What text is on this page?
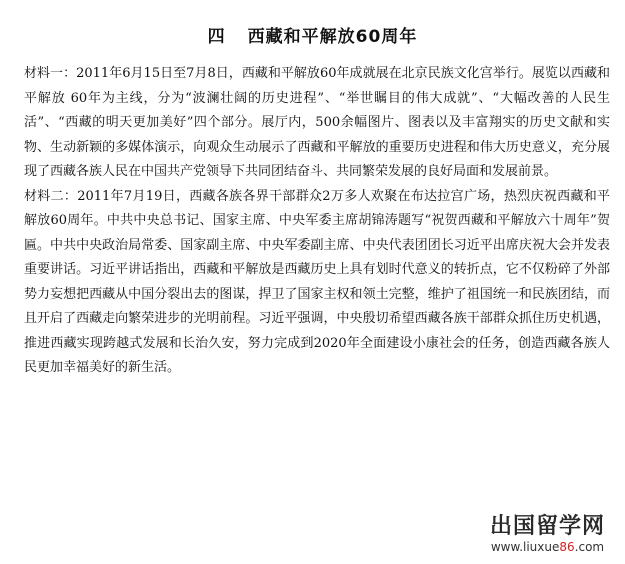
四 西藏和平解放60周年

材料一：2011年6月15日至7月8日，西藏和平解放60年成就展在北京民族文化宫举行。展览以西藏和平解放 60年为主线，分为“波澜壮阔的历史进程”、“举世瞩目的伟大成就”、“大幅改善的人民生活”、“西藏的明天更加美好”四个部分。展厅内，500余幅图片、图表以及丰富翔实的历史文献和实物、生动新颖的多媒体演示，向观众生动展示了西藏和平解放的重要历史进程和伟大历史意义，充分展现了西藏各族人民在中国共产党领导下共同团结奋斗、共同繁荣发展的良好局面和发展前景。

材料二：2011年7月19日，西藏各族各界干部群众2万多人欢聚在布达拉宫广场，热烈庆祝西藏和平解放60周年。中共中央总书记、国家主席、中央军委主席胡锦涛题写“祝贺西藏和平解放六十周年”贺匾。中共中央政治局常委、国家副主席、中央军委副主席、中央代表团团长习近平出席庆祝大会并发表重要讲话。习近平讲话指出，西藏和平解放是西藏历史上具有划时代意义的转折点，它不仅粉碎了外部势力妄想把西藏从中国分裂出去的图谋，捍卫了国家主权和领土完整，维护了祖国统一和民族团结，而且开启了西藏走向繁荣进步的光明前程。习近平强调，中央殷切希望西藏各族干部群众抓住历史机遇，推进西藏实现跨越式发展和长治久安，努力完成到2020年全面建设小康社会的任务，创造西藏各族人民更加幸福美好的新生活。

出国留学网
www.liuxue86.com
